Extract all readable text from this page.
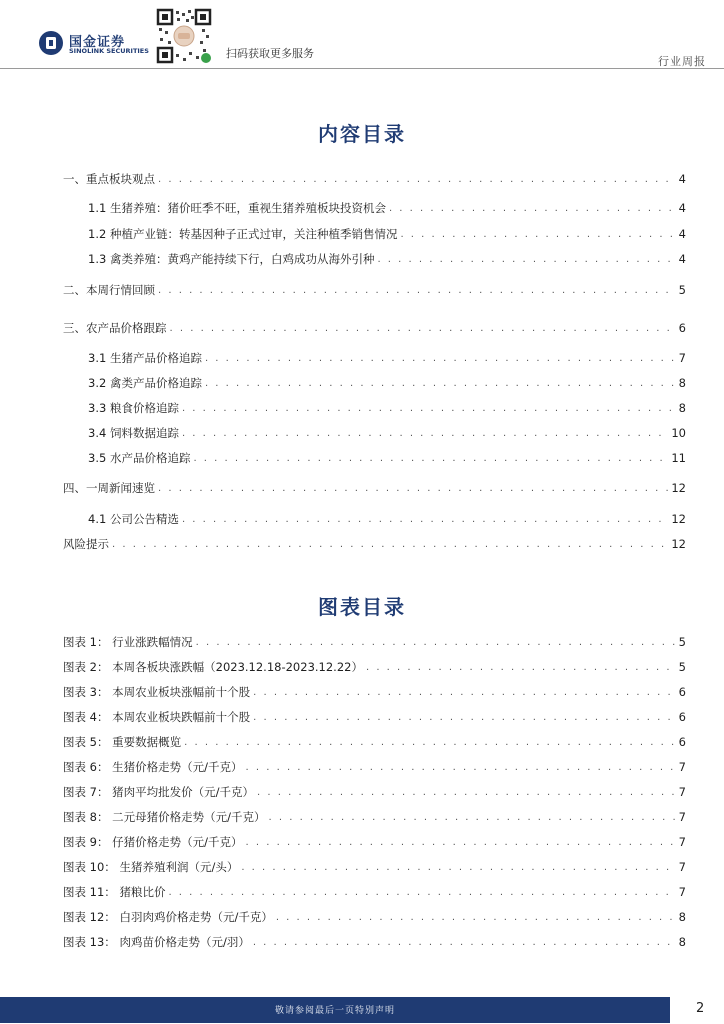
国金证券
SINOLINK SECURITIES	扫码获取更多服务
行业周报
内容目录
一、重点板块观点 . . .	4
1.1 生猪养殖：猪价旺季不旺，重视生猪养殖板块投资机会 . . .	4
1.2 种植产业链：转基因种子正式过审，关注种植季销售情况 . . .	4
1.3 禽类养殖：黄鸡产能持续下行，白鸡成功从海外引种 . . .	4
二、本周行情回顾 . . .	5
三、农产品价格跟踪 . . .	6
3.1 生猪产品价格追踪 . . .	7
3.2 禽类产品价格追踪 . . .	8
3.3 粮食价格追踪 . . .	8
3.4 饲料数据追踪 . . .	10
3.5 水产品价格追踪 . . .	11
四、一周新闻速览 . . .	12
4.1 公司公告精选 . . .	12
风险提示 . . .	12
图表目录
图表 1： 行业涨跌幅情况 . . .	5
图表 2： 本周各板块涨跌幅（2023.12.18-2023.12.22） . . .	5
图表 3： 本周农业板块涨幅前十个股 . . .	6
图表 4： 本周农业板块跌幅前十个股 . . .	6
图表 5： 重要数据概览 . . .	6
图表 6： 生猪价格走势（元/千克） . . .	7
图表 7： 猪肉平均批发价（元/千克） . . .	7
图表 8： 二元母猪价格走势（元/千克） . . .	7
图表 9： 仔猪价格走势（元/千克） . . .	7
图表 10： 生猪养殖利润（元/头） . . .	7
图表 11： 猪粮比价 . . .	7
图表 12： 白羽肉鸡价格走势（元/千克） . . .	8
图表 13： 肉鸡苗价格走势（元/羽） . . .	8
敬请参阅最后一页特别声明	2
